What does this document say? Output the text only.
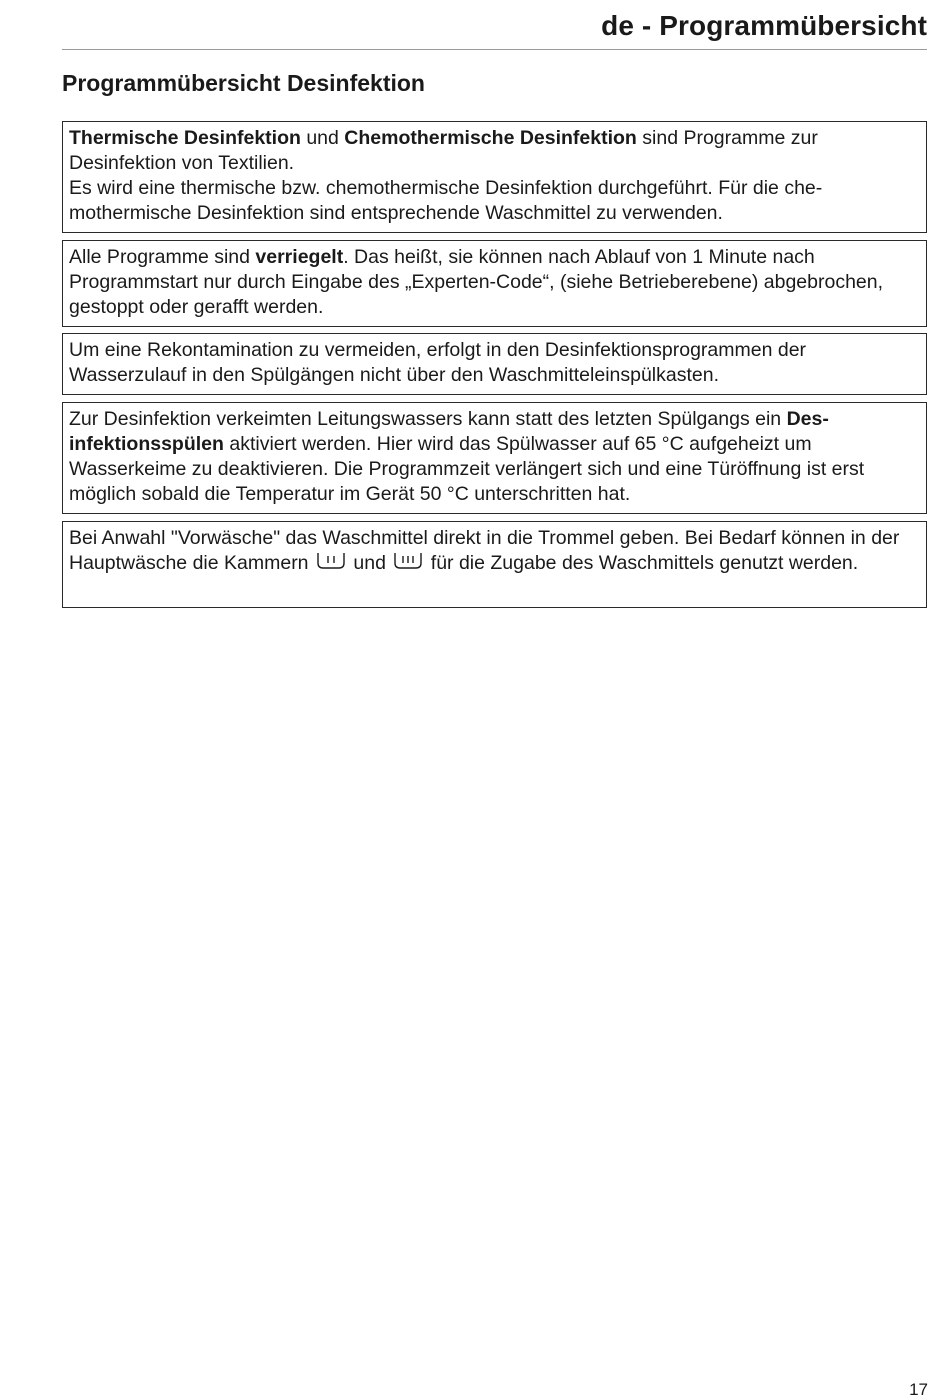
de - Programmübersicht
Programmübersicht Desinfektion

Thermische Desinfektion und Chemothermische Desinfektion sind Programme zur Desinfektion von Textilien.

Es wird eine thermische bzw. chemothermische Desinfektion durchgeführt. Für die chemothermische Desinfektion sind entsprechende Waschmittel zu verwenden.

Alle Programme sind verriegelt. Das heißt, sie können nach Ablauf von 1 Minute nach Programmstart nur durch Eingabe des „Experten-Code“, (siehe Betrieberebene) abgebrochen, gestoppt oder gerafft werden.

Um eine Rekontamination zu vermeiden, erfolgt in den Desinfektionsprogrammen der Wasserzulauf in den Spülgängen nicht über den Waschmitteleinspülkasten.

Zur Desinfektion verkeimten Leitungswassers kann statt des letzten Spülgangs ein Desinfektionsspülen aktiviert werden. Hier wird das Spülwasser auf 65 °C aufgeheizt um Wasserkeime zu deaktivieren. Die Programmzeit verlängert sich und eine Türöffnung ist erst möglich sobald die Temperatur im Gerät 50 °C unterschritten hat.

Bei Anwahl "Vorwäsche" das Waschmittel direkt in die Trommel geben. Bei Bedarf können in der Hauptwäsche die Kammern und für die Zugabe des Waschmittels genutzt werden.

17
